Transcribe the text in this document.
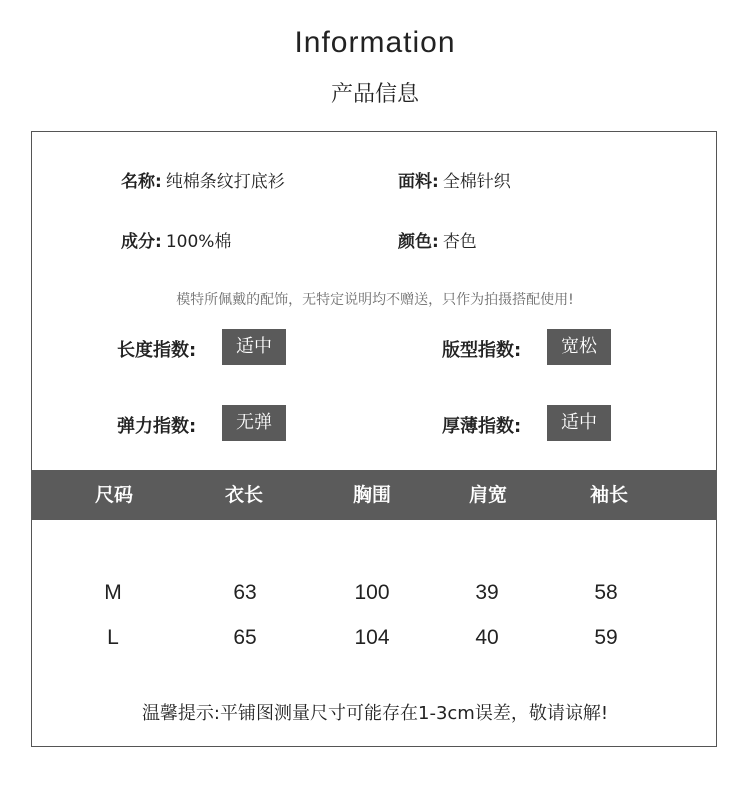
Information
产品信息
名称: 纯棉条纹打底衫	面料: 全棉针织
成分: 100%棉	颜色: 杏色
模特所佩戴的配饰，无特定说明均不赠送，只作为拍摄搭配使用!
长度指数:	适中	版型指数:	宽松
弹力指数:	无弹	厚薄指数:	适中
尺码	衣长	胸围	肩宽	袖长
M	63	100	39	58
L	65	104	40	59
温馨提示:平铺图测量尺寸可能存在1-3cm误差，敬请谅解!
